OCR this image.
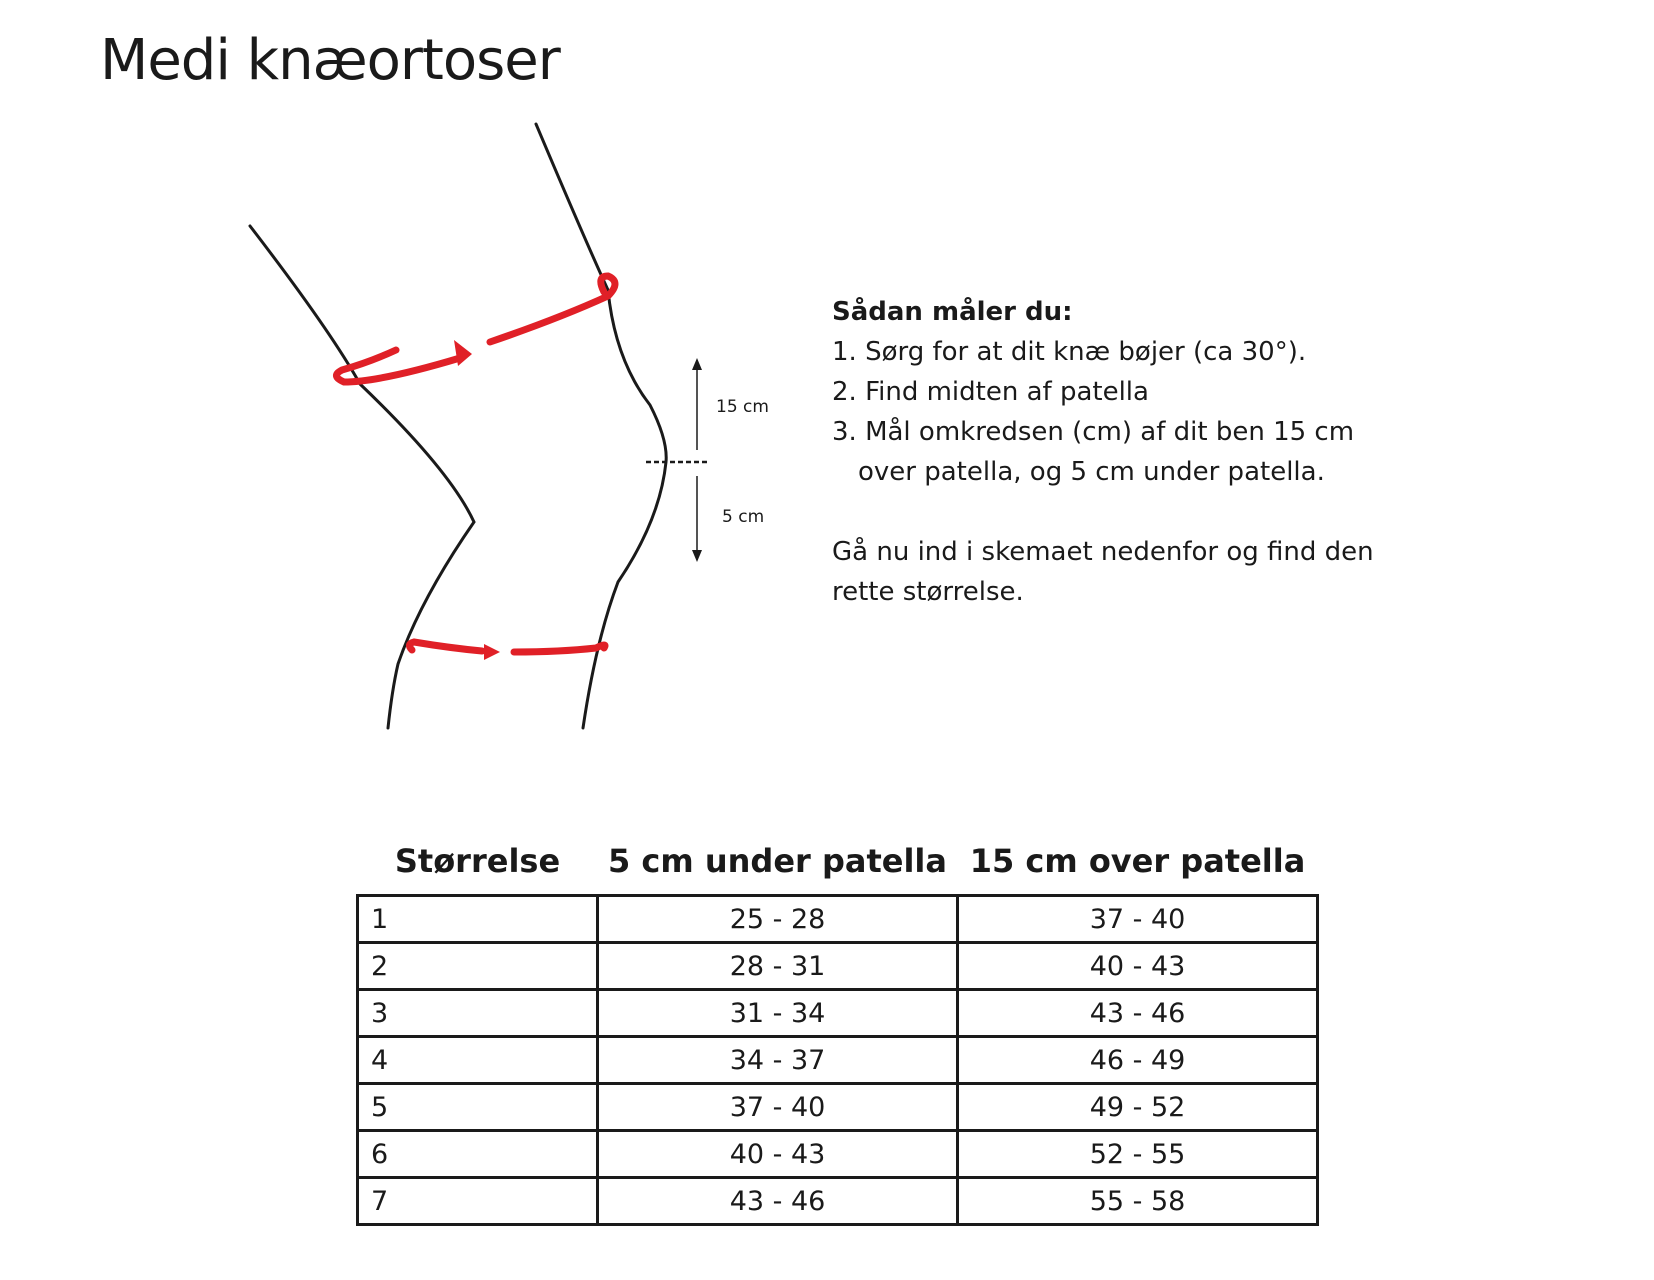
Medi knæortoser
15 cm
5 cm
Sådan måler du:
1. Sørg for at dit knæ bøjer (ca 30°).
2. Find midten af patella
3. Mål omkredsen (cm) af dit ben 15 cm
over patella, og 5 cm under patella.
Gå nu ind i skemaet nedenfor og find den
rette størrelse.
Størrelse	5 cm under patella	15 cm over patella
1	25 - 28	37 - 40
2	28 - 31	40 - 43
3	31 - 34	43 - 46
4	34 - 37	46 - 49
5	37 - 40	49 - 52
6	40 - 43	52 - 55
7	43 - 46	55 - 58
